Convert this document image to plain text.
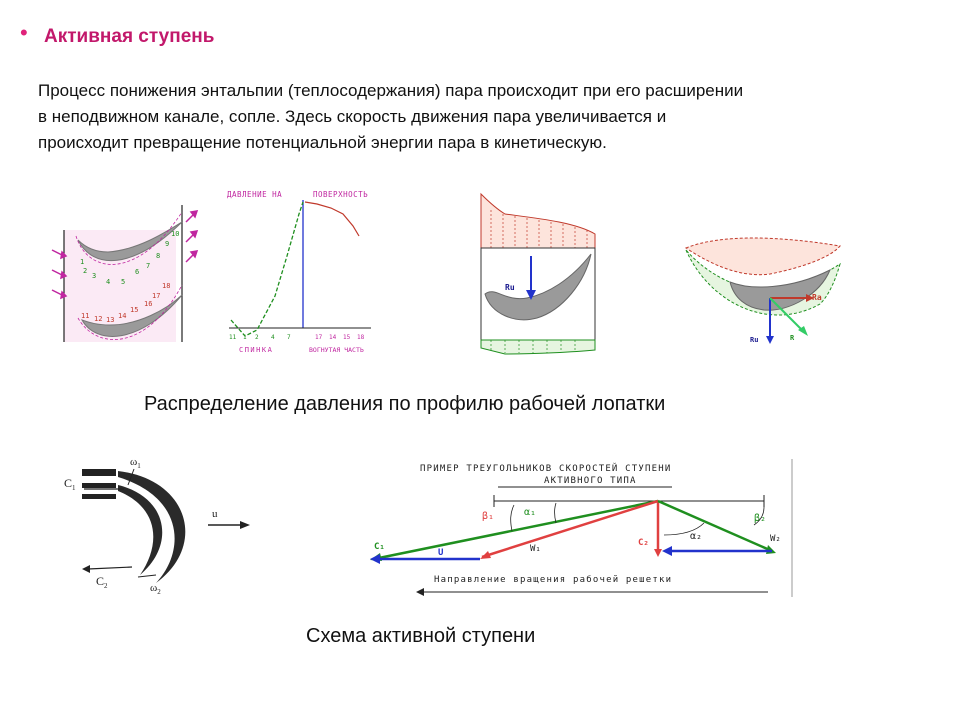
• Активная ступень
Процесс понижения энтальпии (теплосодержания) пара происходит при его расширении
в неподвижном канале, сопле. Здесь скорость движения пара увеличивается и
происходит превращение потенциальной энергии пара в кинетическую.
10
9
8
7
6
5
4
3
2
1
11 12 13 14
15
16
17
18
ДАВЛЕНИЕ НА	ПОВЕРХНОСТЬ
11 1 2 4 7	17 14 15 18
СПИНКА	ВОГНУТАЯ ЧАСТЬ
Ru
Ra
Ru	R
Распределение давления по профилю рабочей лопатки
$C_1$
$\omega_1$
u
$C_2$	$\omega_2$
ПРИМЕР ТРЕУГОЛЬНИКОВ СКОРОСТЕЙ СТУПЕНИ
АКТИВНОГО ТИПА
C₁
U	W₁
β₁	α₁
C₂
α₂	W₂
β₂
Направление вращения рабочей решетки
Схема активной ступени
